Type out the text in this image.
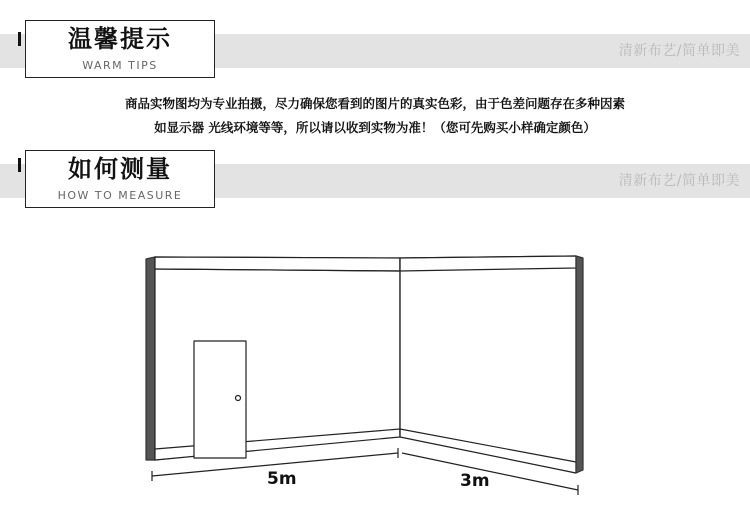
清新布艺/简单即美
温馨提示
WARM TIPS
商品实物图均为专业拍摄，尽力确保您看到的图片的真实色彩，由于色差问题存在多种因素
如显示器 光线环境等等，所以请以收到实物为准！（您可先购买小样确定颜色）
清新布艺/简单即美
如何测量
HOW TO MEASURE
5m	3m
